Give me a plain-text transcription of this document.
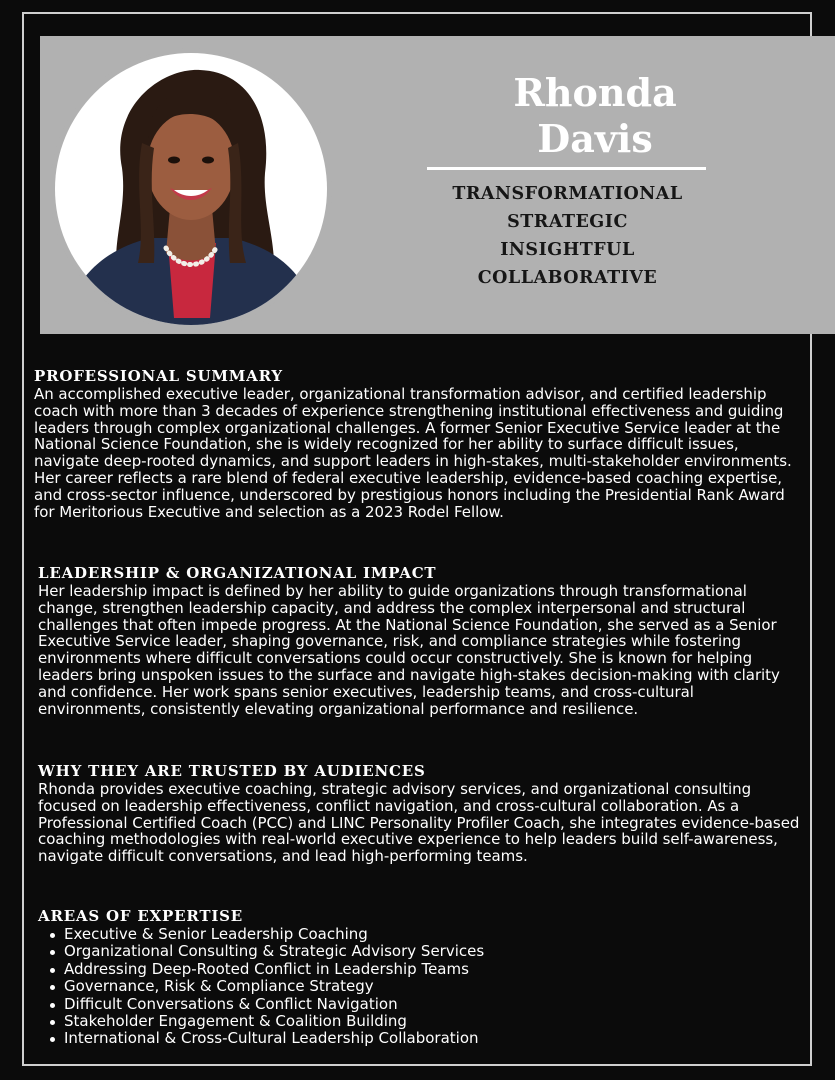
Rhonda
Davis
TRANSFORMATIONAL
STRATEGIC
INSIGHTFUL
COLLABORATIVE
PROFESSIONAL SUMMARY

An accomplished executive leader, organizational transformation advisor, and certified leadership coach with more than 3 decades of experience strengthening institutional effectiveness and guiding leaders through complex organizational challenges. A former Senior Executive Service leader at the National Science Foundation, she is widely recognized for her ability to surface difficult issues, navigate deep-rooted dynamics, and support leaders in high-stakes, multi-stakeholder environments. Her career reflects a rare blend of federal executive leadership, evidence-based coaching expertise, and cross-sector influence, underscored by prestigious honors including the Presidential Rank Award for Meritorious Executive and selection as a 2023 Rodel Fellow.

LEADERSHIP & ORGANIZATIONAL IMPACT

Her leadership impact is defined by her ability to guide organizations through transformational change, strengthen leadership capacity, and address the complex interpersonal and structural challenges that often impede progress. At the National Science Foundation, she served as a Senior Executive Service leader, shaping governance, risk, and compliance strategies while fostering environments where difficult conversations could occur constructively. She is known for helping leaders bring unspoken issues to the surface and navigate high-stakes decision-making with clarity and confidence. Her work spans senior executives, leadership teams, and cross-cultural environments, consistently elevating organizational performance and resilience.

WHY THEY ARE TRUSTED BY AUDIENCES

Rhonda provides executive coaching, strategic advisory services, and organizational consulting focused on leadership effectiveness, conflict navigation, and cross-cultural collaboration. As a Professional Certified Coach (PCC) and LINC Personality Profiler Coach, she integrates evidence-based coaching methodologies with real-world executive experience to help leaders build self-awareness, navigate difficult conversations, and lead high-performing teams.

AREAS OF EXPERTISE
Executive & Senior Leadership Coaching
Organizational Consulting & Strategic Advisory Services
Addressing Deep-Rooted Conflict in Leadership Teams
Governance, Risk & Compliance Strategy
Difficult Conversations & Conflict Navigation
Stakeholder Engagement & Coalition Building
International & Cross-Cultural Leadership Collaboration
